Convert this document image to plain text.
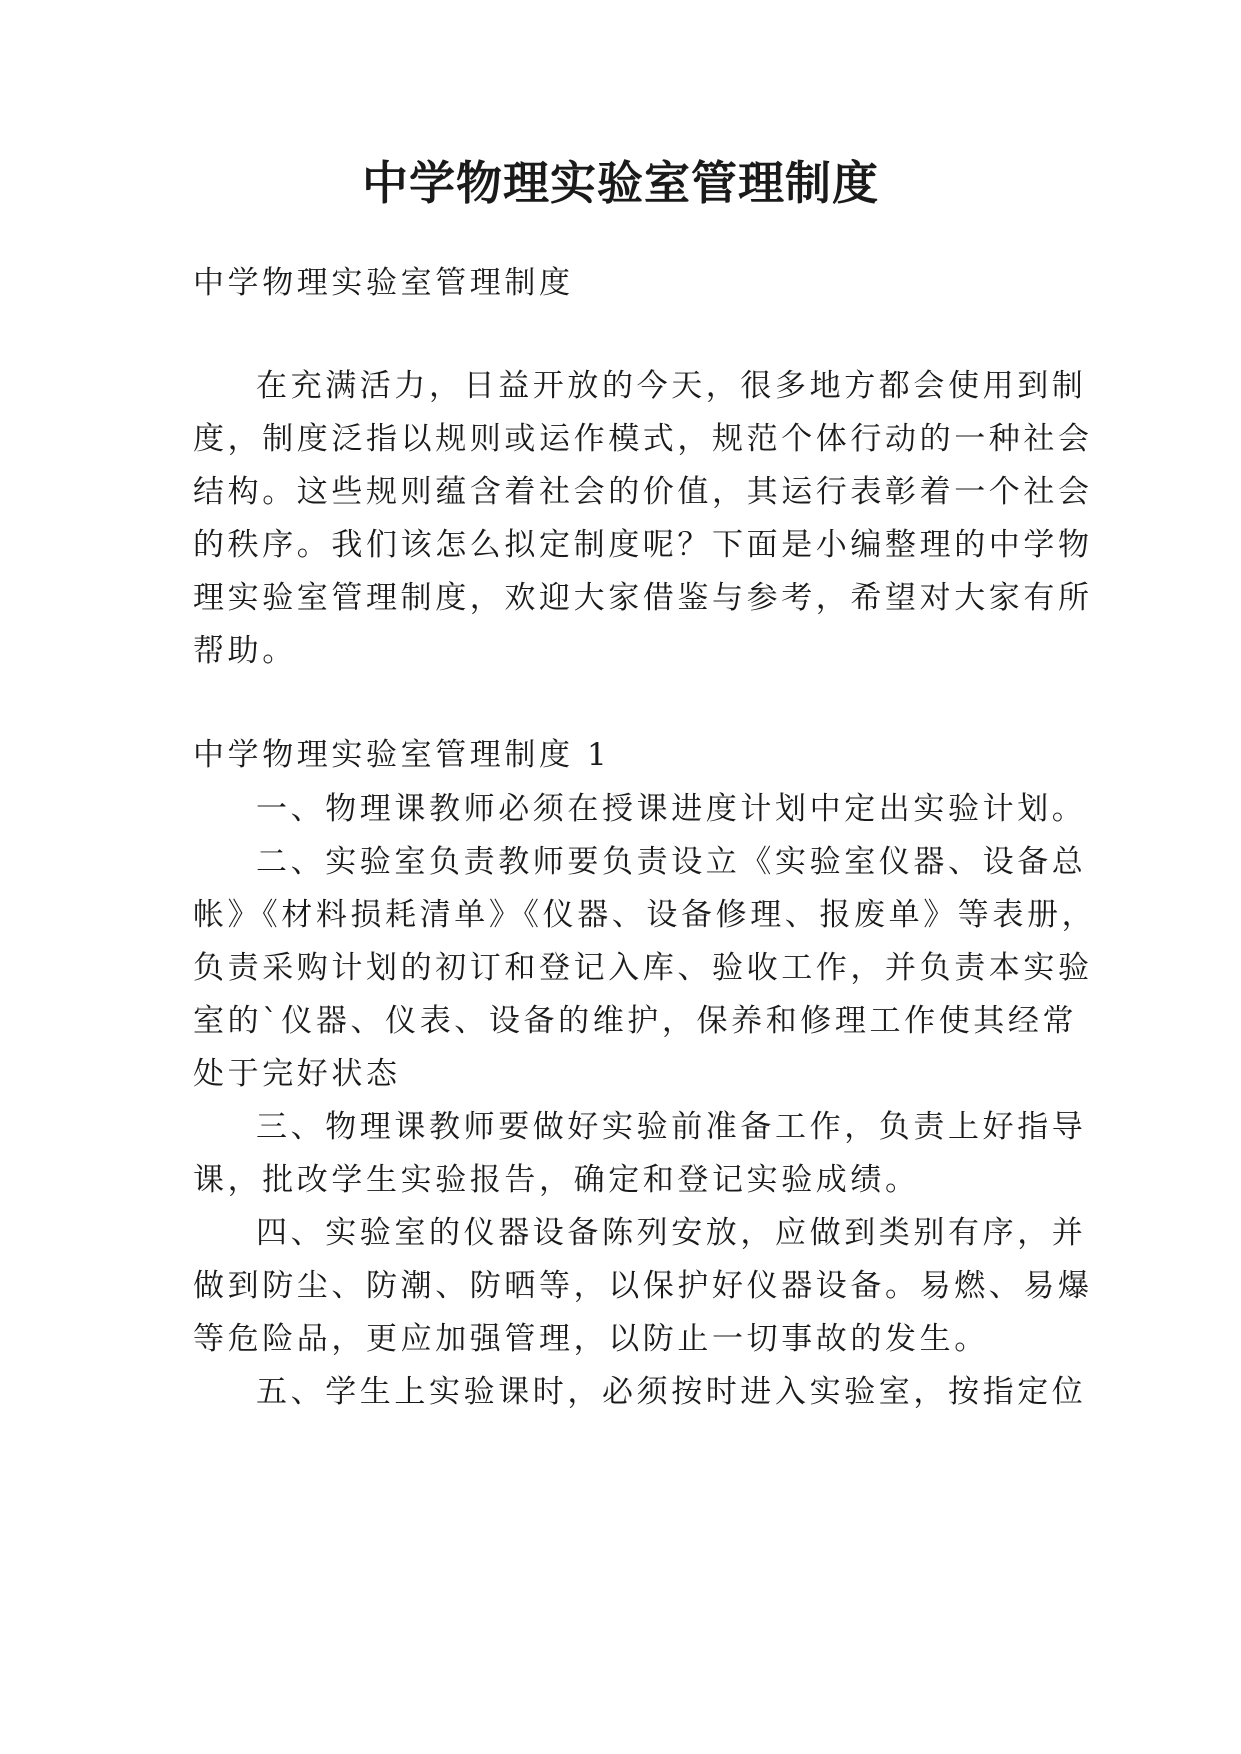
中学物理实验室管理制度

中学物理实验室管理制度

在充满活力，日益开放的今天，很多地方都会使用到制

度，制度泛指以规则或运作模式，规范个体行动的一种社会

结构。这些规则蕴含着社会的价值，其运行表彰着一个社会

的秩序。我们该怎么拟定制度呢？下面是小编整理的中学物

理实验室管理制度，欢迎大家借鉴与参考，希望对大家有所

帮助。

中学物理实验室管理制度 1

一、物理课教师必须在授课进度计划中定出实验计划。

二、实验室负责教师要负责设立《实验室仪器、设备总

帐》《材料损耗清单》《仪器、设备修理、报废单》等表册，

负责采购计划的初订和登记入库、验收工作，并负责本实验

室的`仪器、仪表、设备的维护，保养和修理工作使其经常

处于完好状态

三、物理课教师要做好实验前准备工作，负责上好指导

课，批改学生实验报告，确定和登记实验成绩。

四、实验室的仪器设备陈列安放，应做到类别有序，并

做到防尘、防潮、防晒等，以保护好仪器设备。易燃、易爆

等危险品，更应加强管理，以防止一切事故的发生。

五、学生上实验课时，必须按时进入实验室，按指定位
